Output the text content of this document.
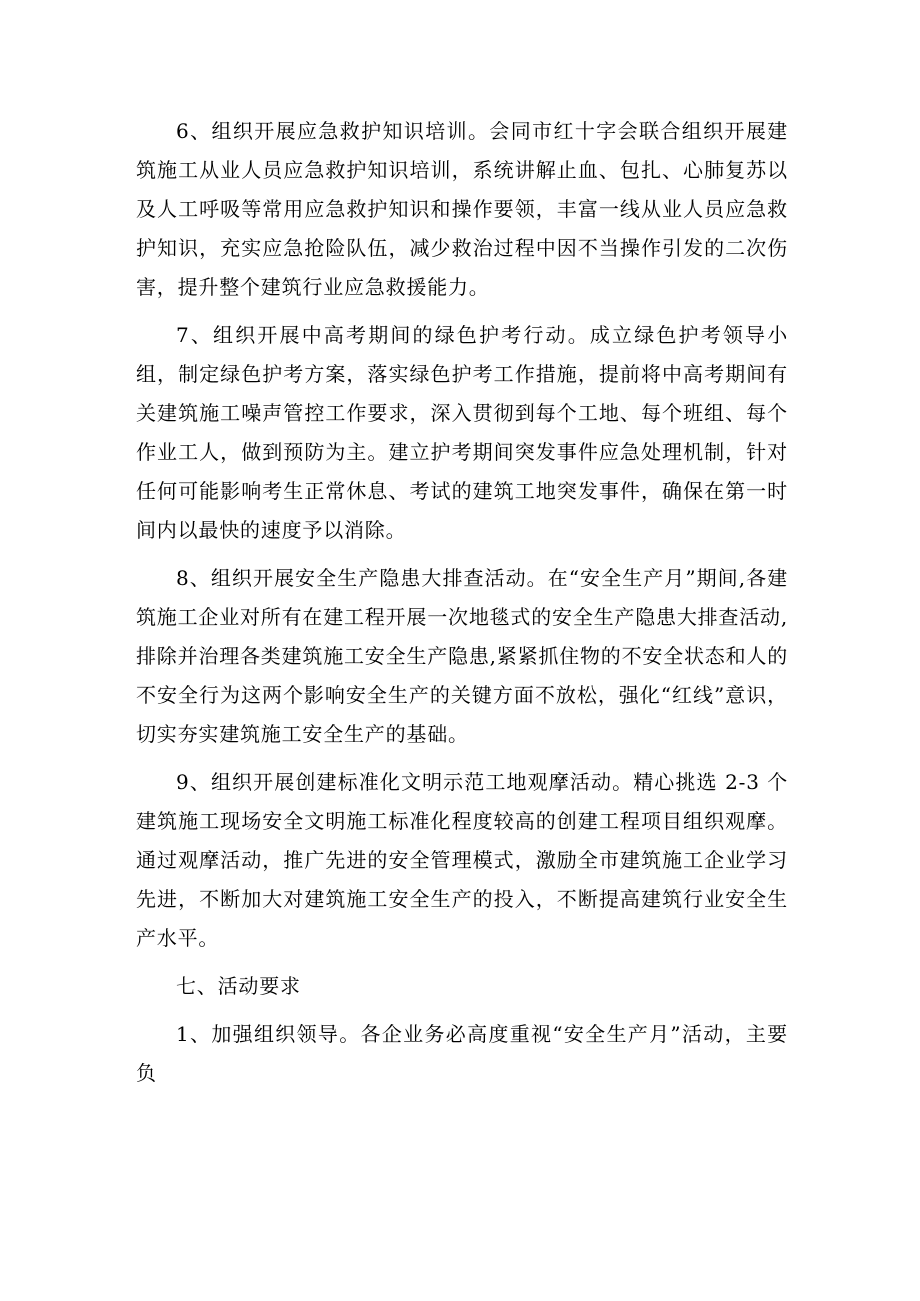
6、组织开展应急救护知识培训。会同市红十字会联合组织开展建筑施工从业人员应急救护知识培训，系统讲解止血、包扎、心肺复苏以及人工呼吸等常用应急救护知识和操作要领，丰富一线从业人员应急救护知识，充实应急抢险队伍，减少救治过程中因不当操作引发的二次伤害，提升整个建筑行业应急救援能力。

7、组织开展中高考期间的绿色护考行动。成立绿色护考领导小组，制定绿色护考方案，落实绿色护考工作措施，提前将中高考期间有关建筑施工噪声管控工作要求，深入贯彻到每个工地、每个班组、每个作业工人，做到预防为主。建立护考期间突发事件应急处理机制，针对任何可能影响考生正常休息、考试的建筑工地突发事件，确保在第一时间内以最快的速度予以消除。

8、组织开展安全生产隐患大排查活动。在“安全生产月”期间,各建筑施工企业对所有在建工程开展一次地毯式的安全生产隐患大排查活动,排除并治理各类建筑施工安全生产隐患,紧紧抓住物的不安全状态和人的不安全行为这两个影响安全生产的关键方面不放松，强化“红线”意识，切实夯实建筑施工安全生产的基础。

9、组织开展创建标准化文明示范工地观摩活动。精心挑选 2-3 个建筑施工现场安全文明施工标准化程度较高的创建工程项目组织观摩。通过观摩活动，推广先进的安全管理模式，激励全市建筑施工企业学习先进，不断加大对建筑施工安全生产的投入，不断提高建筑行业安全生产水平。

七、活动要求

1、加强组织领导。各企业务必高度重视“安全生产月”活动，主要负
